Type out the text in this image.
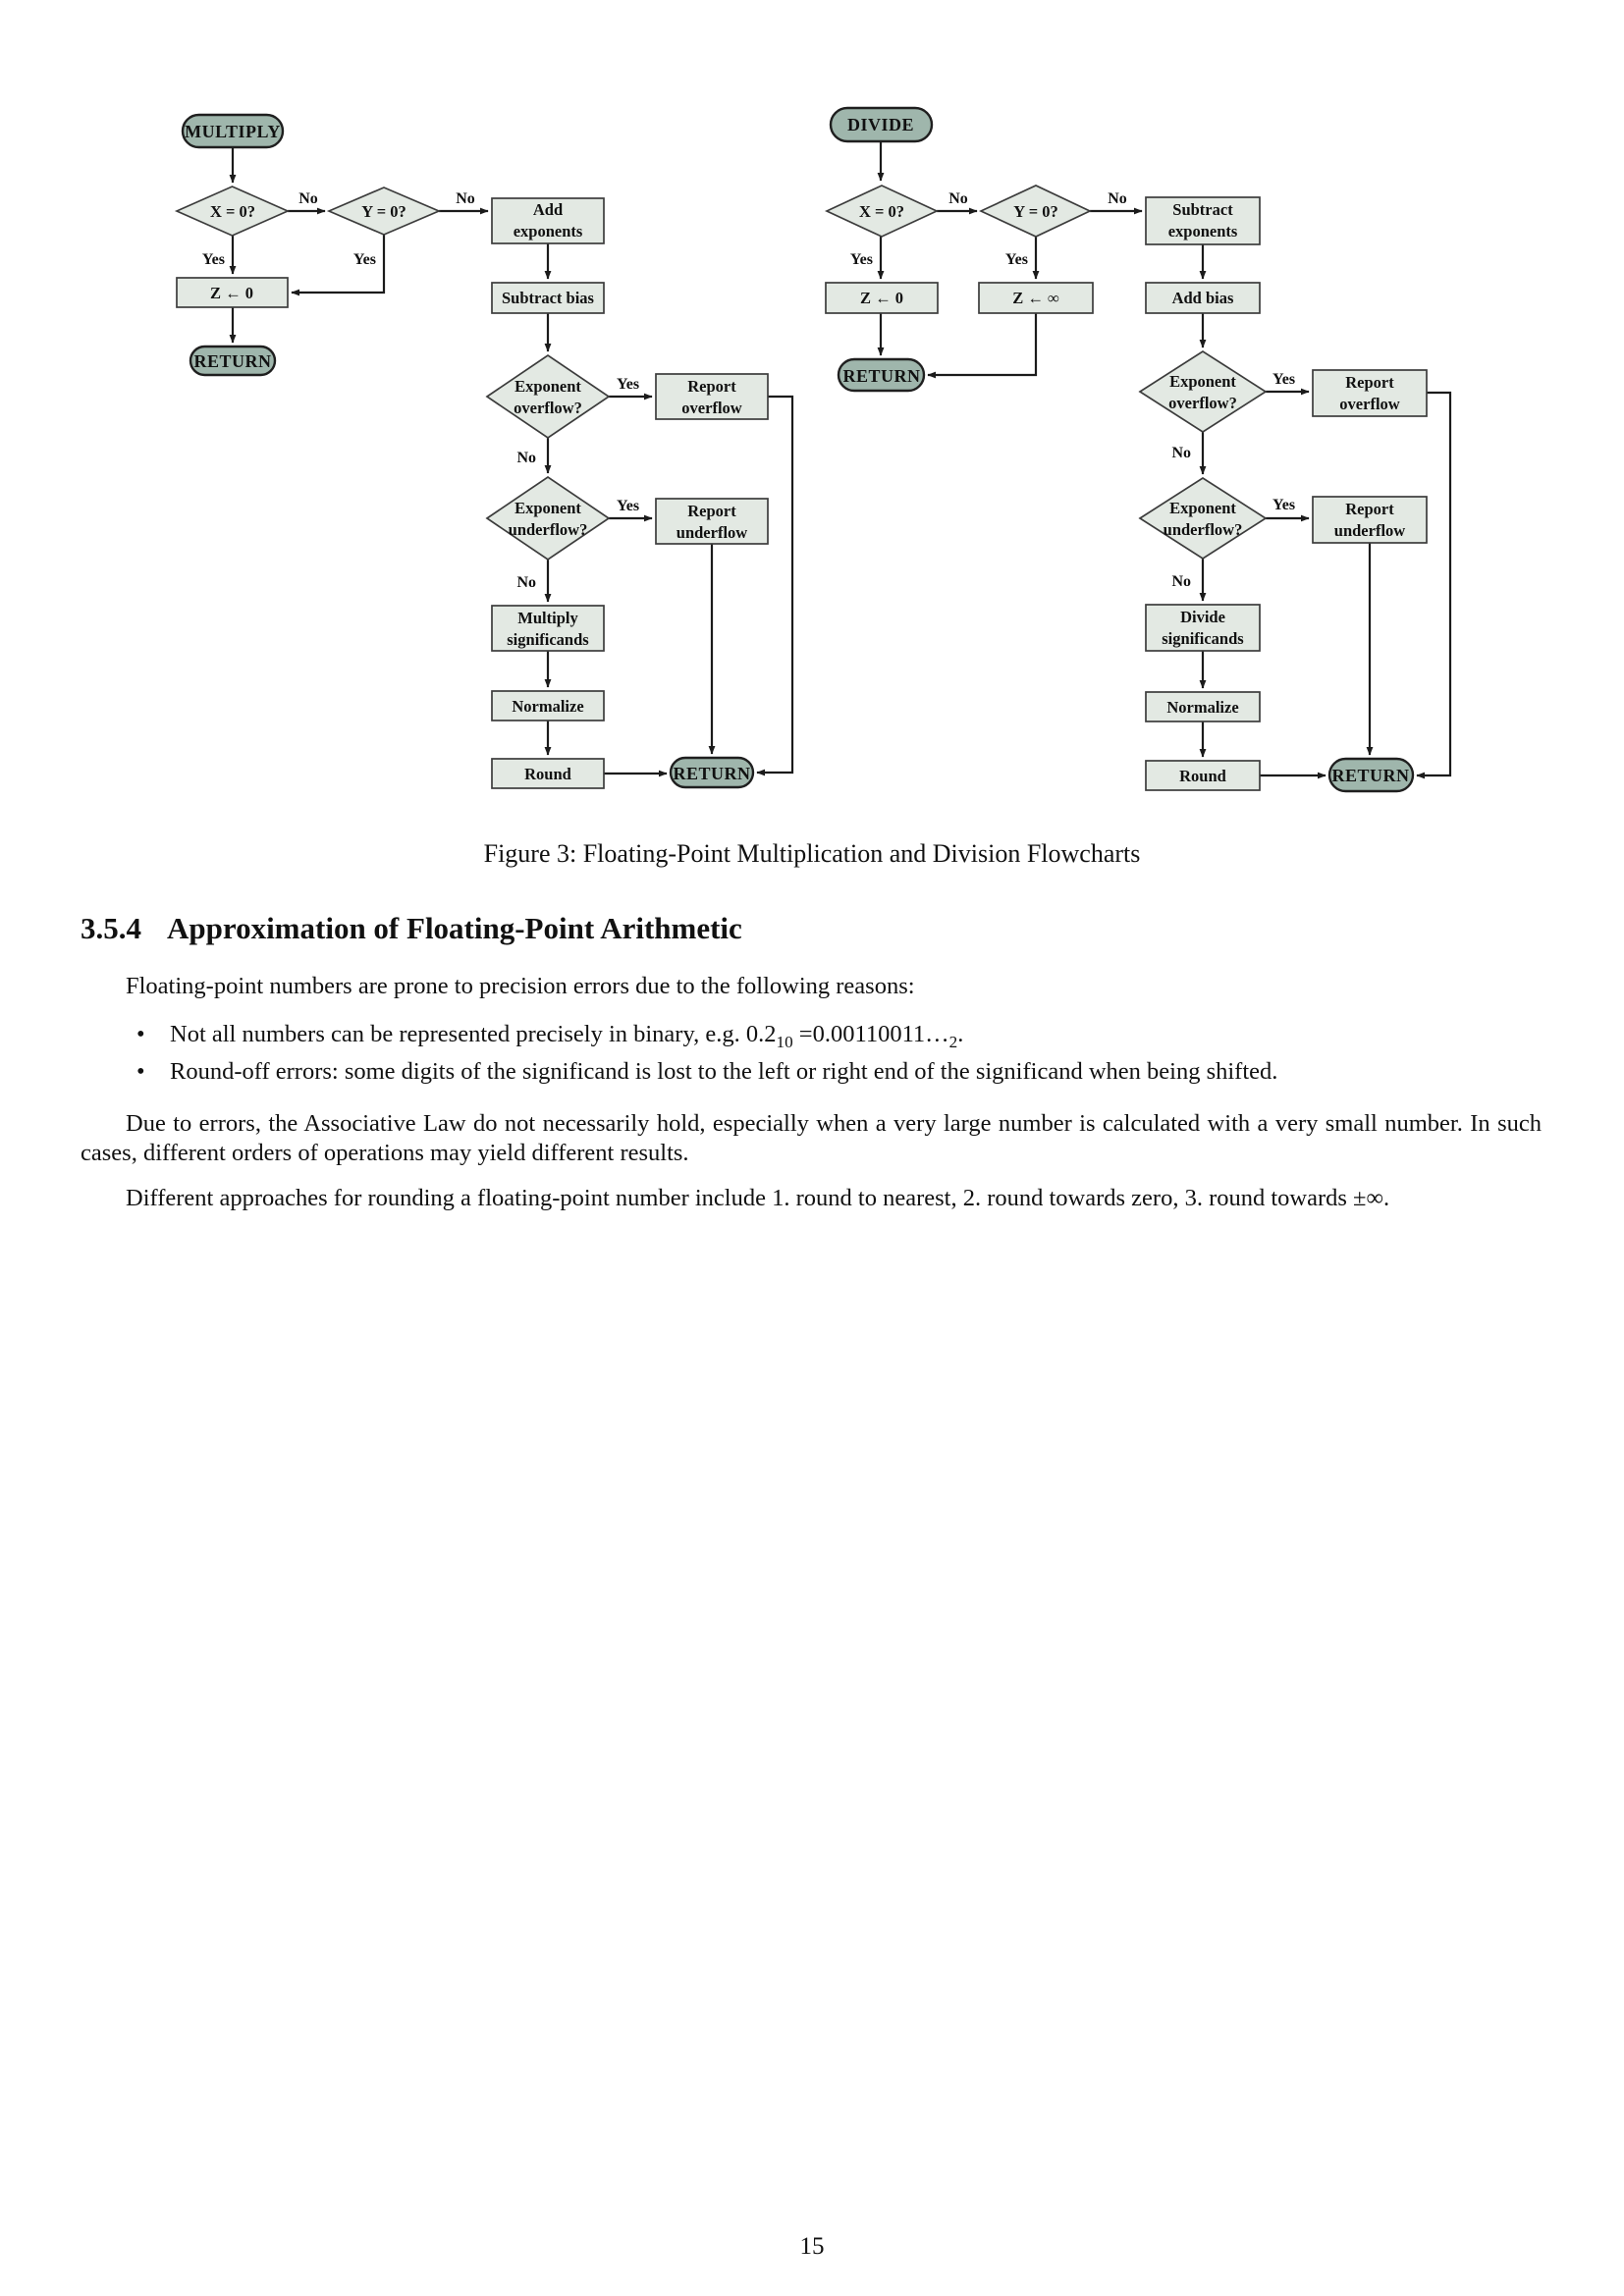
MULTIPLY
X = 0?	Y = 0?	Add
exponents
Subtract bias
Z ← 0
RETURN
Exponent
overflow?
Report
overflow
Exponent
underflow?
Report
underflow
Multiply
significands
Normalize
Round	RETURN
No	No
Yes	Yes
Yes
No
Yes
No
DIVIDE
X = 0?	Y = 0?	Subtract
exponents
Z ← 0	Z ← ∞	Add bias
RETURN	Exponent
overflow?
Report
overflow
Exponent
underflow?
Report
underflow
Divide
significands
Normalize
Round	RETURN
No	No
Yes	Yes
Yes
No
Yes
No
Figure 3: Floating-Point Multiplication and Division Flowcharts
3.5.4 Approximation of Floating-Point Arithmetic
Floating-point numbers are prone to precision errors due to the following reasons:
• Not all numbers can be represented precisely in binary, e.g. $0.2_{10}$ $=0.00110011\dots_2$.
• Round-off errors: some digits of the significand is lost to the left or right end of the significand when being shifted.
Due to errors, the Associative Law do not necessarily hold, especially when a very large number is calculated with a very small number. In such cases, different orders of operations may yield different results.
Different approaches for rounding a floating-point number include 1. round to nearest, 2. round towards zero, 3. round towards ±∞.
15
